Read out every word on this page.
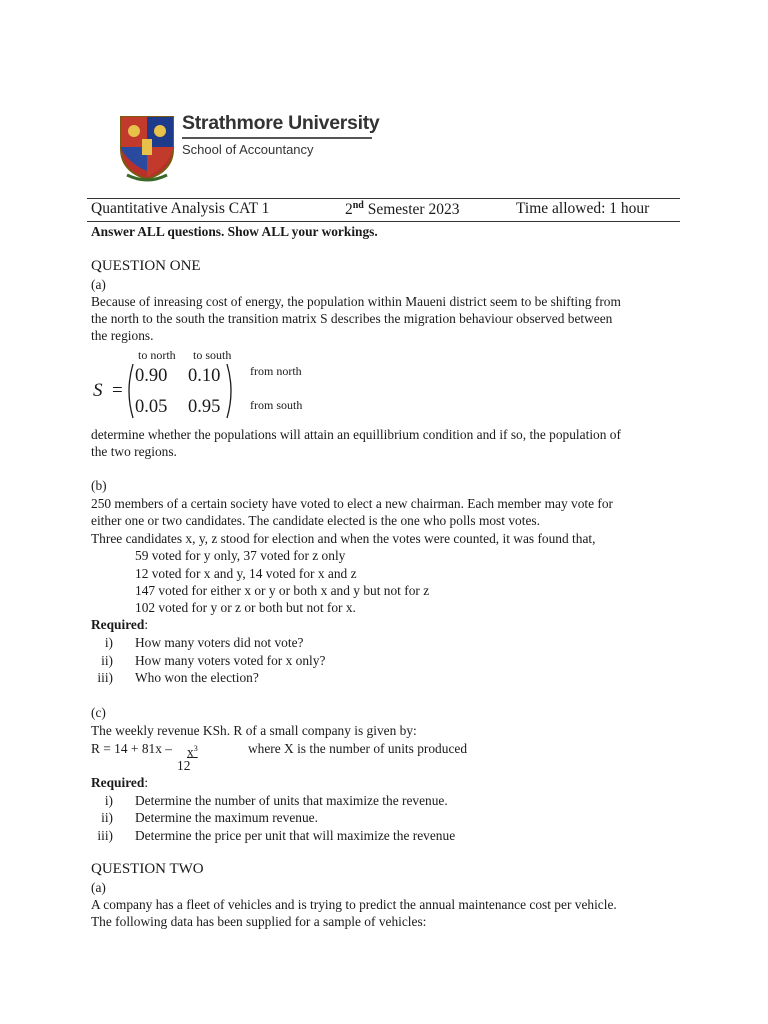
Strathmore University
School of Accountancy
Quantitative Analysis CAT 1	2nd Semester 2023	Time allowed: 1 hour
Answer ALL questions. Show ALL your workings.
QUESTION ONE
(a)
Because of inreasing cost of energy, the population within Maueni district seem to be shifting from
the north to the south the transition matrix S describes the migration behaviour observed between
the regions.
to north to south
S =
0.90 0.10
0.05 0.95
from north
from south
determine whether the populations will attain an equillibrium condition and if so, the population of
the two regions.
(b)
250 members of a certain society have voted to elect a new chairman. Each member may vote for
either one or two candidates. The candidate elected is the one who polls most votes.
Three candidates x, y, z stood for election and when the votes were counted, it was found that,
59 voted for y only, 37 voted for z only
12 voted for x and y, 14 voted for x and z
147 voted for either x or y or both x and y but not for z
102 voted for y or z or both but not for x.
Required:
i) How many voters did not vote?
ii) How many voters voted for x only?
iii) Who won the election?
(c)
The weekly revenue KSh. R of a small company is given by:
$R = 14 + 81x - x^3$
12
where X is the number of units produced
Required:
i) Determine the number of units that maximize the revenue.
ii) Determine the maximum revenue.
iii) Determine the price per unit that will maximize the revenue
QUESTION TWO
(a)
A company has a fleet of vehicles and is trying to predict the annual maintenance cost per vehicle.
The following data has been supplied for a sample of vehicles:
